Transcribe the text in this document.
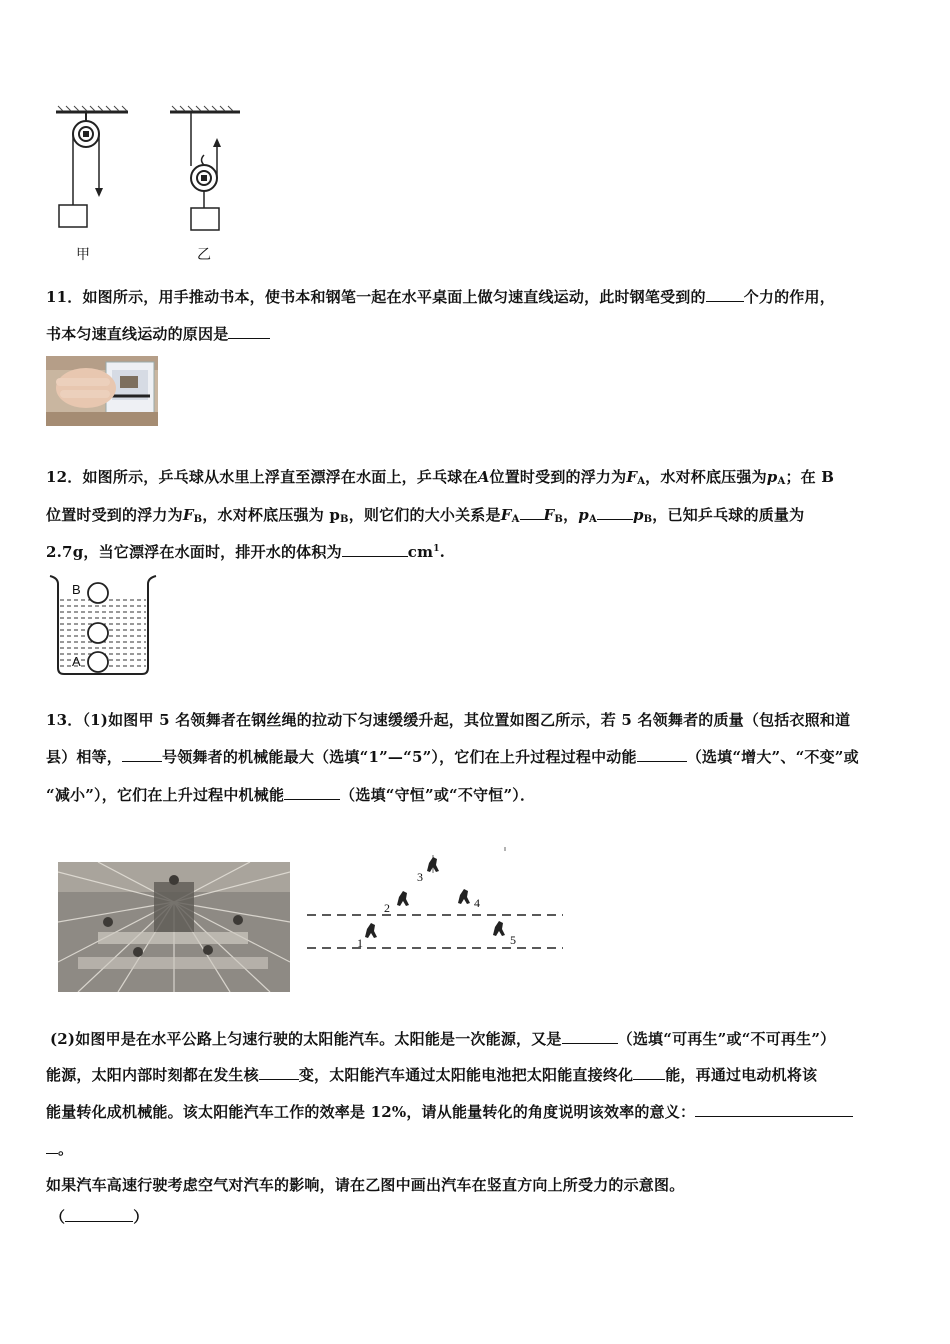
甲	乙
11．如图所示，用手推动书本，使书本和钢笔一起在水平桌面上做匀速直线运动，此时钢笔受到的	个力的作用，
书本匀速直线运动的原因是
12．如图所示，乒乓球从水里上浮直至漂浮在水面上，乒乓球在A位置时受到的浮力为$F_A$，水对杯底压强为$p_A$；在 B
位置时受到的浮力为$F_B$，水对杯底压强为 $p_B$，则它们的大小关系是$F_A$ $F_B$，$p_A$ $p_B$，已知乒乓球的质量为
2.7g，当它漂浮在水面时，排开水的体积为	$cm^1$.
B
A
13．（1)如图甲 5 名领舞者在钢丝绳的拉动下匀速缓缓升起，其位置如图乙所示，若 5 名领舞者的质量（包括衣照和道
县）相等，	号领舞者的机械能最大（选填“1”—“5”），它们在上升过程过程中动能	（选填“增大”、“不变”或
“减小”），它们在上升过程中机械能	（选填“守恒”或“不守恒”）．
1
2
3
4
5
(2)如图甲是在水平公路上匀速行驶的太阳能汽车。太阳能是一次能源，又是	（选填“可再生”或“不可再生”）
能源，太阳内部时刻都在发生核	变，太阳能汽车通过太阳能电池把太阳能直接终化 能，再通过电动机将该
能量转化成机械能。该太阳能汽车工作的效率是 12%，请从能量转化的角度说明该效率的意义：
。
如果汽车高速行驶考虑空气对汽车的影响，请在乙图中画出汽车在竖直方向上所受力的示意图。
（	）
